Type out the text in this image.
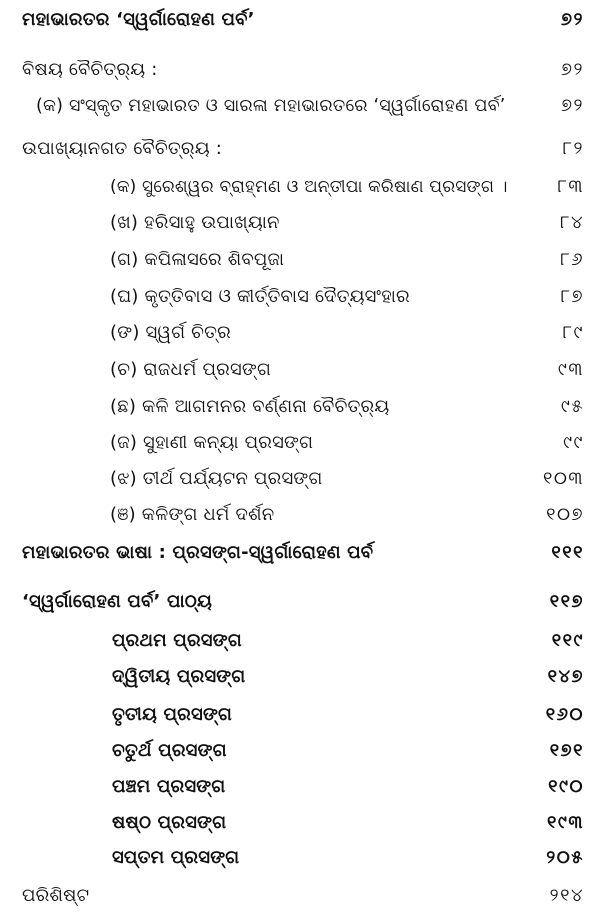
ମହାଭାରତର ‘ସ୍ୱର୍ଗାରୋହଣ ପର୍ବ’	୭୨
ବିଷୟ ବୈଚିତ୍ର୍ୟ :	୭୨
(କ) ସଂସ୍କୃତ ମହାଭାରତ ଓ ସାରଳା ମହାଭାରତରେ ‘ସ୍ୱର୍ଗାରୋହଣ ପର୍ବ’	୭୨
ଉପାଖ୍ୟାନଗତ ବୈଚିତ୍ର୍ୟ :	୮୨
(କ) ସୁରେଶ୍ୱର ବ୍ରାହ୍ମଣ ଓ ଅନ୍ତୀପା କରିଷାଣ ପ୍ରସଙ୍ଗ ।	୮୩
(ଖ) ହରିସାହୁ ଉପାଖ୍ୟାନ	୮୪
(ଗ) କପିଳାସରେ ଶିବପୂଜା	୮୬
(ଘ) କୃତ୍ତିବାସ ଓ କୀର୍ତ୍ତିବାସ ଦୈତ୍ୟସଂହାର	୮୭
(ଙ) ସ୍ୱର୍ଗ ଚିତ୍ର	୮୯
(ଚ) ରାଜଧର୍ମ ପ୍ରସଙ୍ଗ	୯୩
(ଛ) କଳି ଆଗମନର ବର୍ଣ୍ଣନା ବୈଚିତ୍ର୍ୟ	୯୫
(ଜ) ସୁହାଣୀ କନ୍ୟା ପ୍ରସଙ୍ଗ	୯୯
(ଝ) ତୀର୍ଥ ପର୍ଯ୍ୟଟନ ପ୍ରସଙ୍ଗ	୧୦୩
(ଞ) କଳିଙ୍ଗ ଧର୍ମ ଦର୍ଶନ	୧୦୭
ମହାଭାରତର ଭାଷା : ପ୍ରସଙ୍ଗ-ସ୍ୱର୍ଗାରୋହଣ ପର୍ବ	୧୧୧
‘ସ୍ୱର୍ଗାରୋହଣ ପର୍ବ’ ପାଠ୍ୟ	୧୧୭
ପ୍ରଥମ ପ୍ରସଙ୍ଗ	୧୧୯
ଦ୍ୱିତୀୟ ପ୍ରସଙ୍ଗ	୧୪୭
ତୃତୀୟ ପ୍ରସଙ୍ଗ	୧୬୦
ଚତୁର୍ଥ ପ୍ରସଙ୍ଗ	୧୭୧
ପଞ୍ଚମ ପ୍ରସଙ୍ଗ	୧୯୦
ଷଷ୍ଠ ପ୍ରସଙ୍ଗ	୧୯୩
ସପ୍ତମ ପ୍ରସଙ୍ଗ	୨୦୫
ପରିଶିଷ୍ଟ	୨୧୪
